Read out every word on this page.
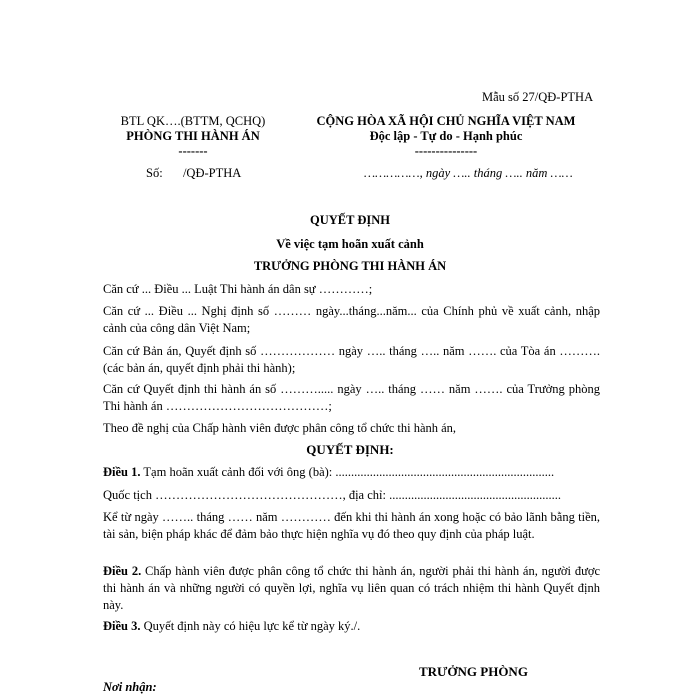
Mẫu số 27/QĐ-PTHA
BTL QK….(BTTM, QCHQ)
PHÒNG THI HÀNH ÁN
-------
Số: /QĐ-PTHA
CỘNG HÒA XÃ HỘI CHỦ NGHĨA VIỆT NAM
Độc lập - Tự do - Hạnh phúc
---------------
……………, ngày ….. tháng ….. năm ……
QUYẾT ĐỊNH
Về việc tạm hoãn xuất cảnh
TRƯỞNG PHÒNG THI HÀNH ÁN
Căn cứ ... Điều ... Luật Thi hành án dân sự …………;
Căn cứ ... Điều ... Nghị định số ……… ngày...tháng...năm... của Chính phủ về xuất cảnh, nhập cảnh của công dân Việt Nam;
Căn cứ Bản án, Quyết định số ……………… ngày ….. tháng ….. năm ……. của Tòa án ………. (các bản án, quyết định phải thi hành);
Căn cứ Quyết định thi hành án số ………..... ngày ….. tháng …… năm ……. của Trưởng phòng Thi hành án …………………………………;
Theo đề nghị của Chấp hành viên được phân công tổ chức thi hành án,
QUYẾT ĐỊNH:
Điều 1. Tạm hoãn xuất cảnh đối với ông (bà): ......................................................................
Quốc tịch ………………………………………, địa chỉ: .......................................................
Kể từ ngày …….. tháng …… năm ………… đến khi thi hành án xong hoặc có bảo lãnh bằng tiền, tài sản, biện pháp khác để đảm bảo thực hiện nghĩa vụ đó theo quy định của pháp luật.
Điều 2. Chấp hành viên được phân công tổ chức thi hành án, người phải thi hành án, người được thi hành án và những người có quyền lợi, nghĩa vụ liên quan có trách nhiệm thi hành Quyết định này.
Điều 3. Quyết định này có hiệu lực kể từ ngày ký./.
TRƯỞNG PHÒNG
Nơi nhận:
